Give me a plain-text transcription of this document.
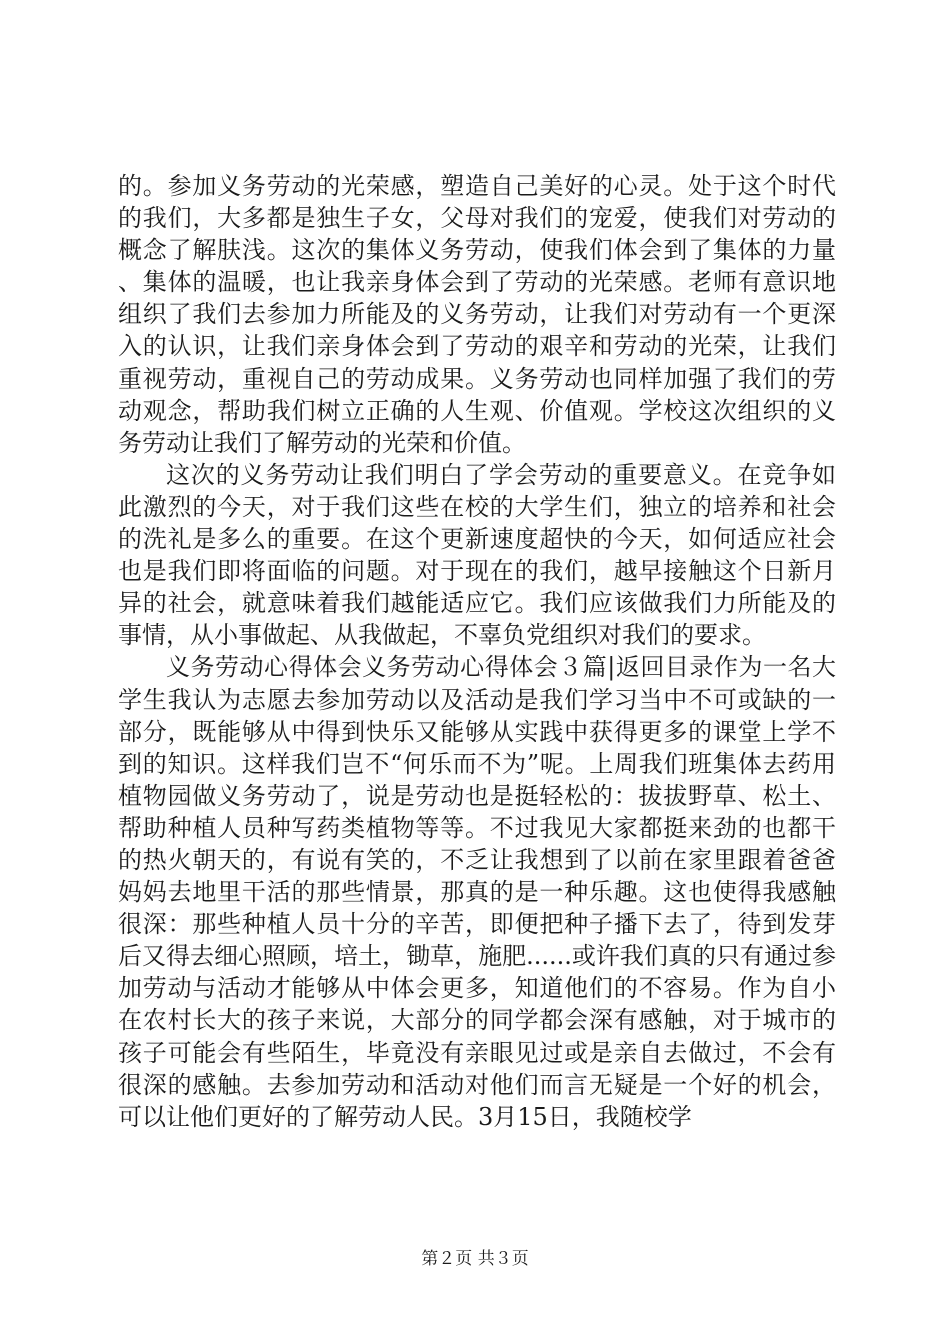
的。参加义务劳动的光荣感，塑造自己美好的心灵。处于这个时代的我们，大多都是独生子女，父母对我们的宠爱，使我们对劳动的概念了解肤浅。这次的集体义务劳动，使我们体会到了集体的力量、集体的温暖，也让我亲身体会到了劳动的光荣感。老师有意识地组织了我们去参加力所能及的义务劳动，让我们对劳动有一个更深入的认识，让我们亲身体会到了劳动的艰辛和劳动的光荣，让我们重视劳动，重视自己的劳动成果。义务劳动也同样加强了我们的劳动观念，帮助我们树立正确的人生观、价值观。学校这次组织的义务劳动让我们了解劳动的光荣和价值。

这次的义务劳动让我们明白了学会劳动的重要意义。在竞争如此激烈的今天，对于我们这些在校的大学生们，独立的培养和社会的洗礼是多么的重要。在这个更新速度超快的今天，如何适应社会也是我们即将面临的问题。对于现在的我们，越早接触这个日新月异的社会，就意味着我们越能适应它。我们应该做我们力所能及的事情，从小事做起、从我做起，不辜负党组织对我们的要求。

义务劳动心得体会义务劳动心得体会３篇|返回目录作为一名大学生我认为志愿去参加劳动以及活动是我们学习当中不可或缺的一部分，既能够从中得到快乐又能够从实践中获得更多的课堂上学不到的知识。这样我们岂不“何乐而不为”呢。上周我们班集体去药用植物园做义务劳动了，说是劳动也是挺轻松的：拔拔野草、松土、帮助种植人员种写药类植物等等。不过我见大家都挺来劲的也都干的热火朝天的，有说有笑的，不乏让我想到了以前在家里跟着爸爸妈妈去地里干活的那些情景，那真的是一种乐趣。这也使得我感触很深：那些种植人员十分的辛苦，即便把种子播下去了，待到发芽后又得去细心照顾，培土，锄草，施肥......或许我们真的只有通过参加劳动与活动才能够从中体会更多，知道他们的不容易。作为自小在农村长大的孩子来说，大部分的同学都会深有感触，对于城市的孩子可能会有些陌生，毕竟没有亲眼见过或是亲自去做过，不会有很深的感触。去参加劳动和活动对他们而言无疑是一个好的机会，可以让他们更好的了解劳动人民。3月15日，我随校学

第２页 共３页
